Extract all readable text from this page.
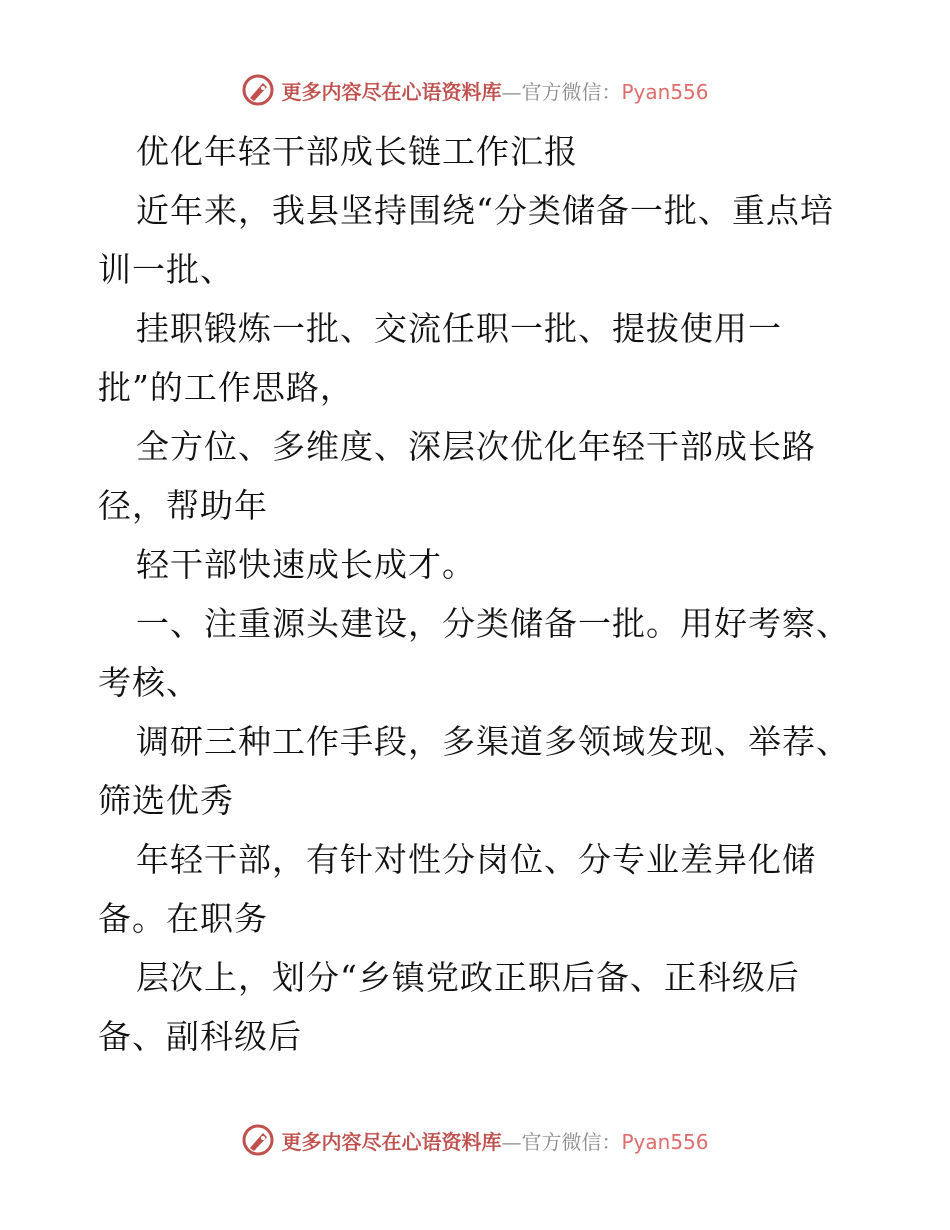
更多内容尽在心语资料库—官方微信：Pyan556
优化年轻干部成长链工作汇报
近年来，我县坚持围绕“分类储备一批、重点培
训一批、
挂职锻炼一批、交流任职一批、提拔使用一
批”的工作思路，
全方位、多维度、深层次优化年轻干部成长路
径，帮助年
轻干部快速成长成才。
一、注重源头建设，分类储备一批。用好考察、
考核、
调研三种工作手段，多渠道多领域发现、举荐、
筛选优秀
年轻干部，有针对性分岗位、分专业差异化储
备。在职务
层次上，划分“乡镇党政正职后备、正科级后
备、副科级后
更多内容尽在心语资料库—官方微信：Pyan556
